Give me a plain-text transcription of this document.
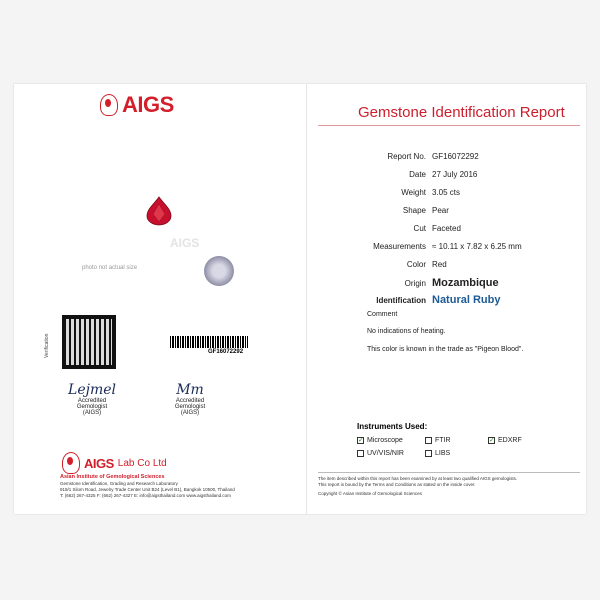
AIGS	Gemstone Identification Report
Report No. GF16072292
Date 27 July 2016
Weight 3.05 cts
Shape Pear
Cut Faceted
Measurements ≈ 10.11 x 7.82 x 6.25 mm
Color Red
Origin Mozambique
Identification Natural Ruby
Comment
No indications of heating.
This color is known in the trade as "Pigeon Blood".
AIGS
photo not actual size
Verification	GF16072292
Lejmel
Accredited Gemologist
(AIGS)
Mm
Accredited Gemologist
(AIGS)
AIGS Lab Co Ltd
Asian Institute of Gemological Sciences
Gemstone Identification, Grading and Research Laboratory
919/1 Silom Road, Jewelry Trade Center Unit B24 (Level B1), Bangkok 10500, Thailand
T: (662) 267-4325 F: (662) 267-4327 E: info@aigsthailand.com www.aigsthailand.com
Instruments Used:
✓ Microscope	FTIR	✓ EDXRF
UV/VIS/NIR	LIBS
The item described within this report has been examined by at least two qualified AIGS gemologists.
This report is bound by the Terms and Conditions as stated on the inside cover.
Copyright © Asian Institute of Gemological Sciences
